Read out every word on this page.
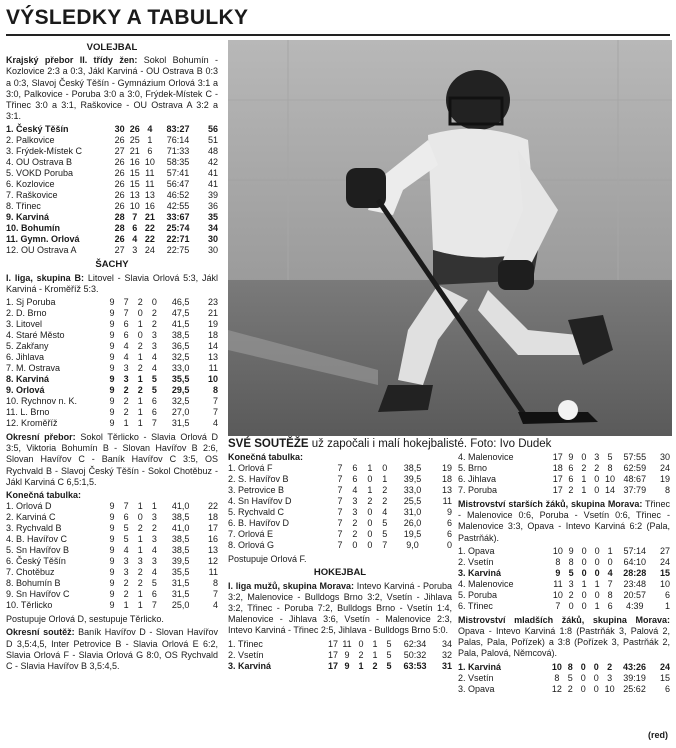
VÝSLEDKY A TABULKY
VOLEJBAL

Krajský přebor II. třídy žen: Sokol Bohumín - Kozlovice 2:3 a 0:3, Jákl Karviná - OU Ostrava B 0:3 a 0:3, Slavoj Český Těšín - Gymnázium Orlová 3:1 a 3:0, Palkovice - Poruba 3:0 a 3:0, Frýdek-Místek C - Třinec 3:0 a 3:1, Raškovice - OU Ostrava A 3:2 a 3:1.

1. Český Těšín	30	26	4	83:27	56
2. Palkovice	26	25	1	76:14	51
3. Frýdek-Místek C	27	21	6	71:33	48
4. OU Ostrava B	26	16	10	58:35	42
5. VOKD Poruba	26	15	11	57:41	41
6. Kozlovice	26	15	11	56:47	41
7. Raškovice	26	13	13	46:52	39
8. Třinec	26	10	16	42:55	36
9. Karviná	28	7	21	33:67	35
10. Bohumín	28	6	22	25:74	34
11. Gymn. Orlová	26	4	22	22:71	30
12. OU Ostrava A	27	3	24	22:75	30
ŠACHY

I. liga, skupina B: Litovel - Slavia Orlová 5:3, Jákl Karviná - Kroměříž 5:3.

1. Sj Poruba	9	7	2	0	46,5	23
2. D. Brno	9	7	0	2	47,5	21
3. Litovel	9	6	1	2	41,5	19
4. Staré Město	9	6	0	3	38,5	18
5. Zakřany	9	4	2	3	36,5	14
6. Jihlava	9	4	1	4	32,5	13
7. M. Ostrava	9	3	2	4	33,0	11
8. Karviná	9	3	1	5	35,5	10
9. Orlová	9	2	2	5	29,5	8
10. Rychnov n. K.	9	2	1	6	32,5	7
11. L. Brno	9	2	1	6	27,0	7
12. Kroměříž	9	1	1	7	31,5	4

Okresní přebor: Sokol Těrlicko - Slavia Orlová D 3:5, Viktoria Bohumín B - Slovan Havířov B 2:6, Slovan Havířov C - Baník Havířov C 3:5, OS Rychvald B - Slavoj Český Těšín - Sokol Chotěbuz - Jákl Karviná C 6,5:1,5.

Konečná tabulka:
1. Orlová D	9	7	1	1	41,0	22
2. Karviná C	9	6	0	3	38,5	18
3. Rychvald B	9	5	2	2	41,0	17
4. B. Havířov C	9	5	1	3	38,5	16
5. Sn Havířov B	9	4	1	4	38,5	13
6. Český Těšín	9	3	3	3	39,5	12
7. Chotěbuz	9	3	2	4	35,5	11
8. Bohumín B	9	2	2	5	31,5	8
9. Sn Havířov C	9	2	1	6	31,5	7
10. Těrlicko	9	1	1	7	25,0	4

Postupuje Orlová D, sestupuje Těrlicko.

Okresní soutěž: Baník Havířov D - Slovan Havířov D 3,5:4,5, Inter Petrovice B - Slavia Orlová E 6:2, Slavia Orlová F - Slavia Orlová G 8:0, OS Rychvald C - Slavia Havířov B 3,5:4,5.

SVÉ SOUTĚŽE už započali i malí hokejbalisté. Foto: Ivo Dudek
Konečná tabulka:
1. Orlová F	7	6	1	0	38,5	19
2. S. Havířov B	7	6	0	1	39,5	18
3. Petrovice B	7	4	1	2	33,0	13
4. Sn Havířov D	7	3	2	2	25,5	11
5. Rychvald C	7	3	0	4	31,0	9
6. B. Havířov D	7	2	0	5	26,0	6
7. Orlová E	7	2	0	5	19,5	6
8. Orlová G	7	0	0	7	9,0	0

Postupuje Orlová F.

HOKEJBAL

I. liga mužů, skupina Morava: Intevo Karviná - Poruba 3:2, Malenovice - Bulldogs Brno 3:2, Vsetín - Jihlava 3:2, Třinec - Poruba 7:2, Bulldogs Brno - Vsetín 1:4, Malenovice - Jihlava 3:6, Vsetín - Malenovice 2:3, Intevo Karviná - Třinec 2:5, Jihlava - Bulldogs Brno 5:0.

1. Třinec	17	11	0	1	5	62:34	34
2. Vsetín	17	9	2	1	5	50:32	32
3. Karviná	17	9	1	2	5	63:53	31
4. Malenovice	17	9	0	3	5	57:55	30
5. Brno	18	6	2	2	8	62:59	24
6. Jihlava	17	6	1	0	10	48:67	19
7. Poruba	17	2	1	0	14	37:79	8

Mistrovství starších žáků, skupina Morava: Třinec - Malenovice 0:6, Poruba - Vsetín 0:6, Třinec - Malenovice 3:3, Opava - Intevo Karviná 6:2 (Pala, Pastrňák).

1. Opava	10	9	0	0	1	57:14	27
2. Vsetín	8	8	0	0	0	64:10	24
3. Karviná	9	5	0	0	4	28:28	15
4. Malenovice	11	3	1	1	7	23:48	10
5. Poruba	10	2	0	0	8	20:57	6
6. Třinec	7	0	0	1	6	4:39	1

Mistrovství mladších žáků, skupina Morava: Opava - Intevo Karviná 1:8 (Pastrňák 3, Palová 2, Palas, Pala, Pořízek) a 3:8 (Pořízek 3, Pastrňák 2, Pala, Palová, Němcová).

1. Karviná	10	8	0	0	2	43:26	24
2. Vsetín	8	5	0	0	3	39:19	15
3. Opava	12	2	0	0	10	25:62	6
(red)
